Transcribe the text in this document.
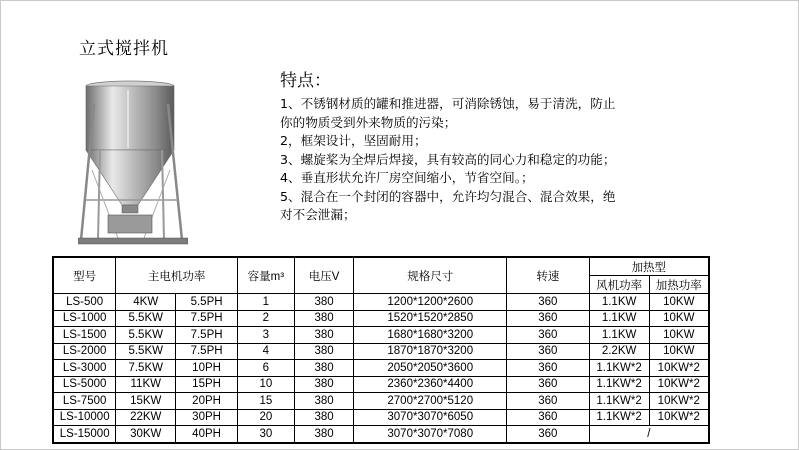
立式搅拌机
特点：
1、不锈钢材质的罐和推进器，可消除锈蚀，易于清洗，防止
你的物质受到外来物质的污染；
2，框架设计，坚固耐用；
3、螺旋桨为全焊后焊接，具有较高的同心力和稳定的功能；
4、垂直形状允许厂房空间缩小，节省空间。；
5、混合在一个封闭的容器中，允许均匀混合、混合效果，绝
对不会泄漏；
型号	主电机功率		容量m³	电压V	规格尺寸	转速	加热型	
							风机功率	加热功率
LS-500	4KW	5.5PH	1	380	1200*1200*2600	360	1.1KW	10KW
LS-1000	5.5KW	7.5PH	2	380	1520*1520*2850	360	1.1KW	10KW
LS-1500	5.5KW	7.5PH	3	380	1680*1680*3200	360	1.1KW	10KW
LS-2000	5.5KW	7.5PH	4	380	1870*1870*3200	360	2.2KW	10KW
LS-3000	7.5KW	10PH	6	380	2050*2050*3600	360	1.1KW*2	10KW*2
LS-5000	11KW	15PH	10	380	2360*2360*4400	360	1.1KW*2	10KW*2
LS-7500	15KW	20PH	15	380	2700*2700*5120	360	1.1KW*2	10KW*2
LS-10000	22KW	30PH	20	380	3070*3070*6050	360	1.1KW*2	10KW*2
LS-15000	30KW	40PH	30	380	3070*3070*7080	360	/	
